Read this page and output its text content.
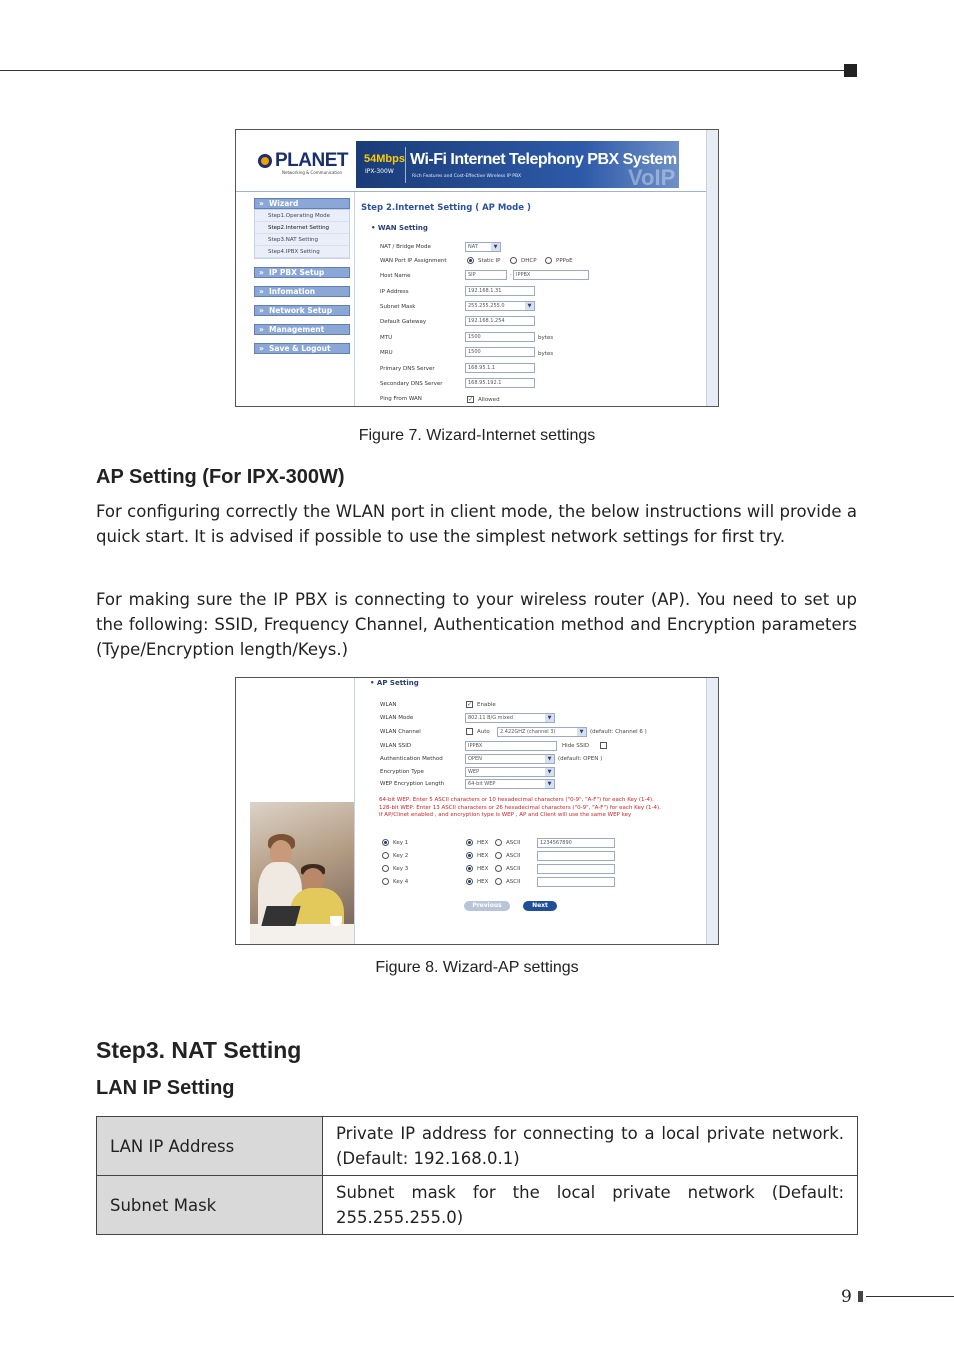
PLANET
Networking & Communication
54Mbps
IPX-300W
Wi-Fi Internet Telephony PBX System
Rich Features and Cost-Effective Wireless IP PBX	VoIP
» Wizard
Step1.Operating Mode
Step2.Internet Setting
Step3.NAT Setting
Step4.IPBX Setting
» IP PBX Setup
» Infomation
» Network Setup
» Management
» Save & Logout
Step 2.Internet Setting ( AP Mode )
• WAN Setting
NAT / Bridge Mode	NAT ▼
WAN Port IP Assignment	Static IP	DHCP	PPPoE
Host Name	SIP	. IPPBX
IP Address	192.168.1.31
Subnet Mask	255.255.255.0 ▼
Default Gateway	192.168.1.254
MTU	1500	bytes
MRU	1500	bytes
Primary DNS Server	168.95.1.1
Secondary DNS Server	168.95.192.1
Ping From WAN	✓ Allowed
Figure 7. Wizard-Internet settings
AP Setting (For IPX-300W)
For configuring correctly the WLAN port in client mode, the below instructions will provide a quick start. It is advised if possible to use the simplest network settings for first try.
For making sure the IP PBX is connecting to your wireless router (AP). You need to set up the following: SSID, Frequency Channel, Authentication method and Encryption parameters (Type/Encryption length/Keys.)
• AP Setting
WLAN	✓ Enable
WLAN Mode	802.11 B/G mixed ▼
WLAN Channel	Auto	2.422GHZ (channel 3) ▼	(default: Channel 6 )
WLAN SSID	IPPBX	Hide SSID
Authentication Method	OPEN ▼	(default: OPEN )
Encryption Type	WEP ▼
WEP Encryption Length	64-bit WEP ▼
64-bit WEP: Enter 5 ASCII characters or 10 hexadecimal characters ("0-9", "A-F") for each Key (1-4).
128-bit WEP: Enter 13 ASCII characters or 26 hexadecimal characters ("0-9", "A-F") for each Key (1-4).
If AP/Clinet enabled , and encryption type is WEP , AP and Client will use the same WEP key
Key 1	HEX	ASCII	1234567890
Key 2	HEX	ASCII
Key 3	HEX	ASCII
Key 4	HEX	ASCII
Previous	Next
Figure 8. Wizard-AP settings
Step3. NAT Setting
LAN IP Setting
LAN IP Address	Private IP address for connecting to a local private network. (Default: 192.168.0.1)
Subnet Mask	Subnet mask for the local private network (Default: 255.255.255.0)
9
